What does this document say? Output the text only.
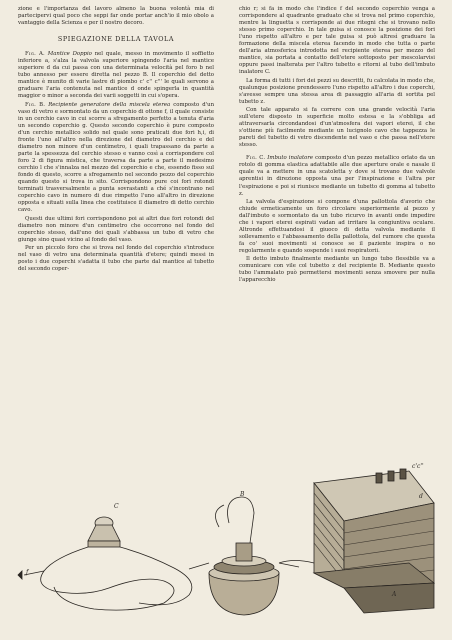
zione e l'importanza del lavoro almeno la buona volontà mia di partecipervi qual poco che seppi far onde portar anch'io il mio obolo a vantaggio della Scienza e per il nostro decoro.

SPIEGAZIONE DELLA TAVOLA

Fig. A. Mantice Doppio nel quale, messo in movimento il soffietto inferiore a, s'alza la valvola superiore spingendo l'aria nel mantice superiore d da cui passa con una determinata velocità pel foro b nel tubo annesso per essere diretta nel pezzo B. Il coperchio del detto mantice è munito di varie lastre di piombo c' c'' c''' le quali servono a graduare l'aria contenuta nel mantice d onde spingerla in quantità maggior o minor a seconda dei varii soggetti in cui s'opera.

Fig. B. Recipiente generatore della miscela eterea composto d'un vaso di vetro e sormontato da un coperchio di ottone f, il quale consiste in un cerchio cavo in cui scorre a sfregamento perfetto a tenuta d'aria un secondo coperchio g. Questo secondo coperchio è pure composto d'un cerchio metallico solido nel quale sono praticati due fori h,i, di fronte l'uno all'altro nella direzione del diametro del cerchio e del diametro non minore d'un centimetro, i quali trapassano da parte a parte la spessezza del cerchio stesso e vanno così a corrispondere col foro 2 di figura mistica, che traversa da parte a parte il medesimo cerchio l che s'innalza nel mezzo del coperchio e che, essendo fisso sul fondo di questo, scorre a sfregamento nel secondo pezzo del coperchio quando questo si trova in sito. Corrispondono pure coi fori rotondi terminati trasversalmente a punta sovrastanti a ché s'incontrano nel coperchio cavo in numero di due rimpetto l'uno all'altro in direzione opposta e situati sulla linea che costituisce il diametro di detto cerchio cavo.

Questi due ultimi fori corrispondono poi ai altri due fori rotondi del diametro non minore d'un centimetro che occorrono nel fondo del coperchio stesso, dall'uno dei quali s'abbassa un tubo di vetro che giunge sino quasi vicino al fondo del vaso.

Per un piccolo foro che si trova nel fondo del coperchio s'introduce nel vaso di vetro una determinata quantità d'etere; quindi messi in posto i due coperchi s'adatta il tubo che parte dal mantice al tubetto del secondo coper-

chio r; si fa in modo che l'indice f del secondo coperchio venga a corrispondere al quadrante graduato che si trova nel primo coperchio, mentre la linguetta s corrisponde ai due ritegni che si trovano nello stesso primo coperchio. In tale guisa si conosce la posizione dei fori l'uno rispetto all'altro e per tale guisa si può altresì graduare la formazione della miscela eterea facendo in modo che tutta o parte dell'aria atmosferica introdotta nel recipiente eterea per mezzo del mantice, sia portata a contatto dell'etere sottoposto per mescolarvisi oppure passi inalterata per l'altro tubetto e ritorni al tubo dell'imbuto inalatore C.

La forma di tutti i fori dei pezzi su descritti, fu calcolata in modo che, qualunque posizione prendessero l'uno rispetto all'altro i due coperchi, s'avesse sempre una stessa area di passaggio all'aria di sortita pel tubetto z.

Con tale apparato si fa correre con una grande velocità l'aria sull'etere disposto in superficie molto estesa e la s'obbliga ad attraversarla circondandosi d'un'atmosfera dei vapori eterei, il che s'ottiene più facilmente mediante un lucignolo cavo che tappezza le pareti del tubetto di vetro discendente nel vaso e che passa nell'etere stesso.

Fig. C. Imbuto inalatore composto d'un pezzo metallico orlato da un rotolo di gomma elastica adattabile alle due aperture orale e nasale il quale va a mettere in una scatoletta y dove si trovano due valvole aprentisi in direzione opposta una per l'inspirazione e l'altra per l'espirazione e poi si riunisce mediante un tubetto di gomma al tubetto z.

La valvola d'espirazione si compone d'una pallottola d'avorio che chiude ermeticamente un foro circolare superiormente al pezzo y dall'imbuto e sormontato da un tubo ricurvo in avanti onde impedire che i vapori eterei espirati vadan ad irritare la congiuntiva oculare. Altronde effettuandosi il giuoco di detta valvola mediante il sollevamento e l'abbassamento della pallottola, del rumore che questa fa co' suoi movimenti si conosce se il paziente inspira o no regolarmente e quando sospende i suoi respiratorii.

Il detto imbuto finalmente mediante un lungo tubo flessibile va a comunicare con vile col tubetto z del recipiente B. Mediante questo tubo l'ammalato può permettersi movimenti senza smovere per nulla l'apparecchio

C
B
A
f
d
c'c''
